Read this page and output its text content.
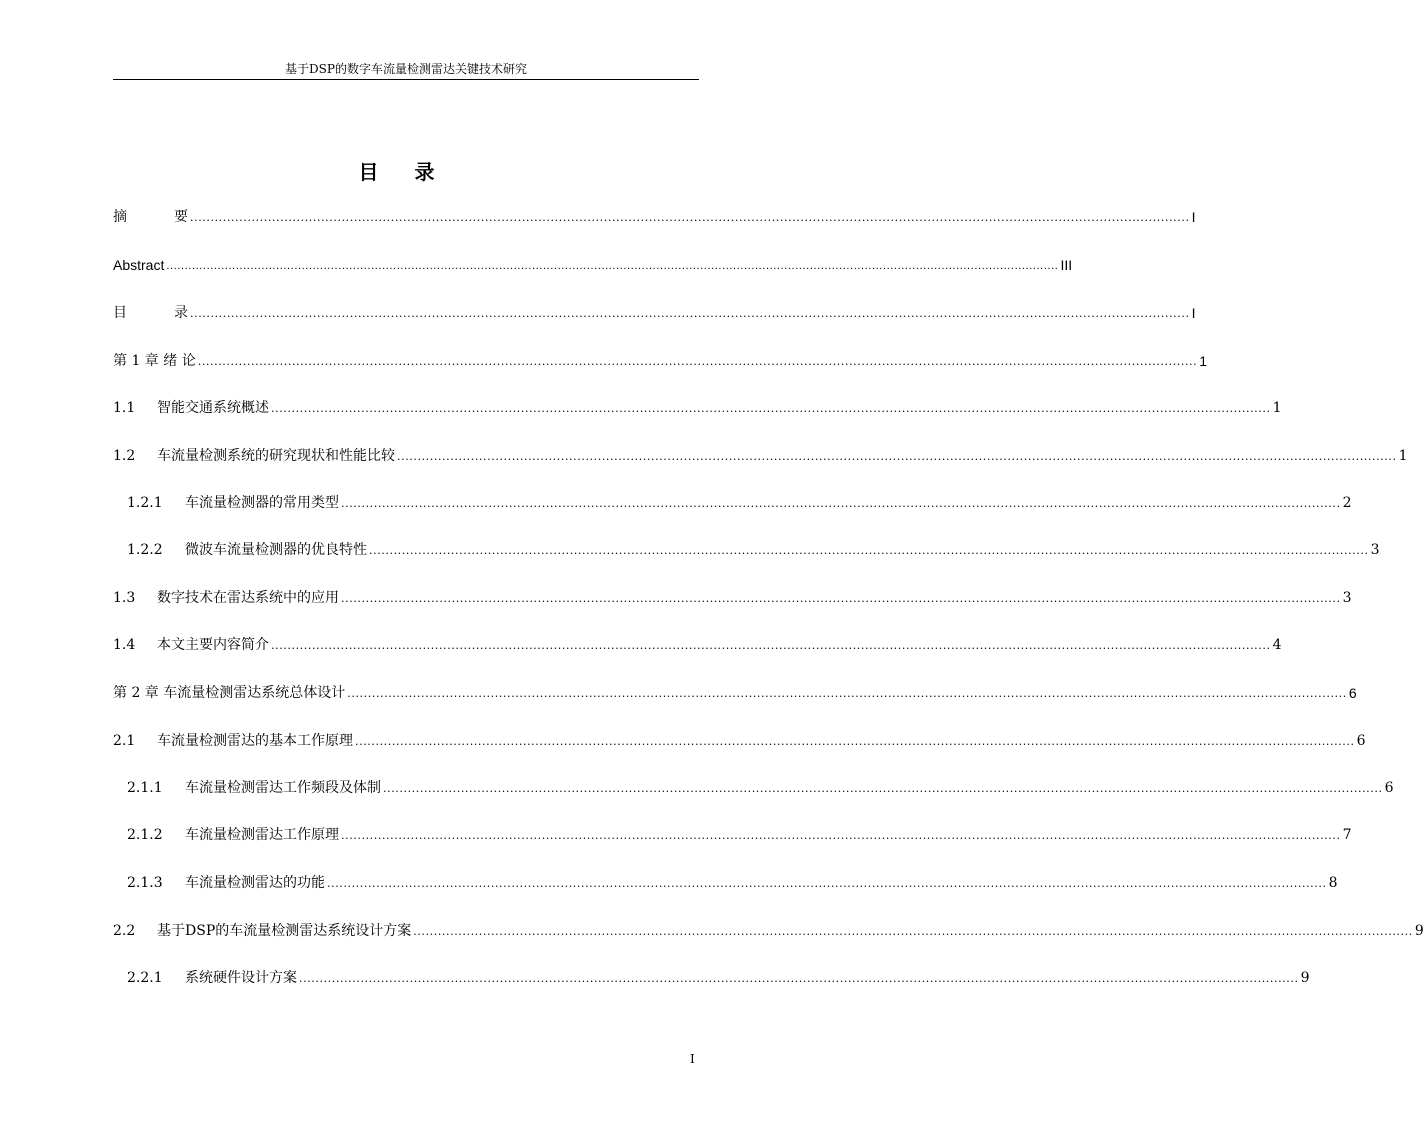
基于DSP的数字车流量检测雷达关键技术研究
目 录
摘	要 .................................................................................................................................................................................................................................................... I
Abstract .................................................................................................................................................................................................................................................... III
目	录 .................................................................................................................................................................................................................................................... I
第 1 章 绪 论 .................................................................................................................................................................................................................................................... 1
1.1	智能交通系统概述 .................................................................................................................................................................................................................................................... 1
1.2	车流量检测系统的研究现状和性能比较 .................................................................................................................................................................................................................................................... 1
1.2.1	车流量检测器的常用类型 .................................................................................................................................................................................................................................................... 2
1.2.2	微波车流量检测器的优良特性 .................................................................................................................................................................................................................................................... 3
1.3	数字技术在雷达系统中的应用 .................................................................................................................................................................................................................................................... 3
1.4	本文主要内容简介 .................................................................................................................................................................................................................................................... 4
第 2 章 车流量检测雷达系统总体设计 .................................................................................................................................................................................................................................................... 6
2.1	车流量检测雷达的基本工作原理 .................................................................................................................................................................................................................................................... 6
2.1.1	车流量检测雷达工作频段及体制 .................................................................................................................................................................................................................................................... 6
2.1.2	车流量检测雷达工作原理 .................................................................................................................................................................................................................................................... 7
2.1.3	车流量检测雷达的功能 .................................................................................................................................................................................................................................................... 8
2.2	基于DSP的车流量检测雷达系统设计方案 .................................................................................................................................................................................................................................................... 9
2.2.1	系统硬件设计方案 .................................................................................................................................................................................................................................................... 9
I
